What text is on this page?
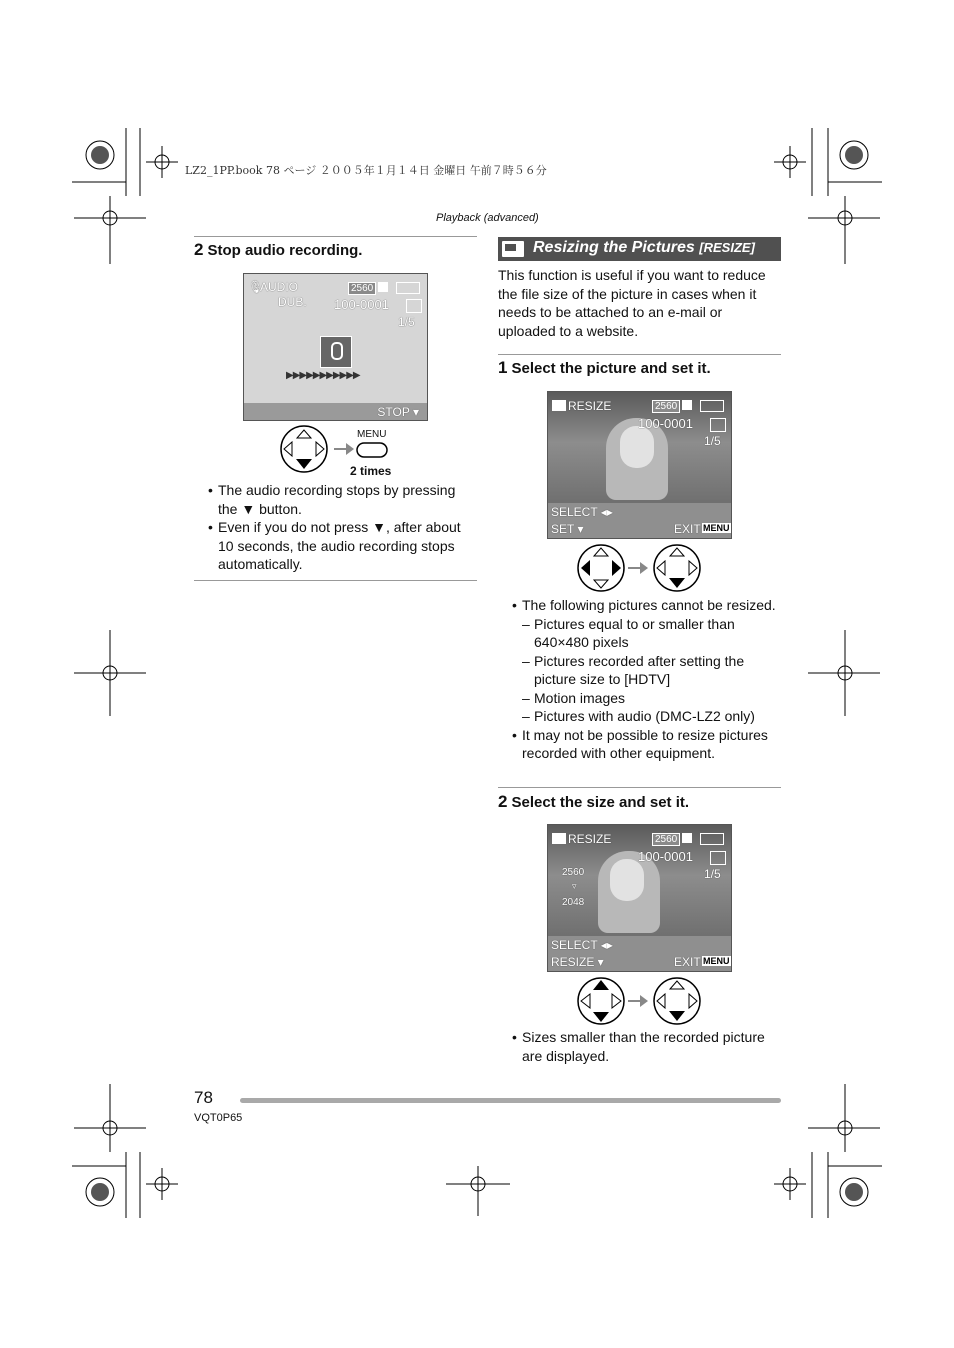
LZ2_1PP.book 78 ページ ２００５年１月１４日 金曜日 午前７時５６分
Playback (advanced)
2 Stop audio recording.
🎙
AUDIO
DUB.
2560
100-0001
1/5
▶▶▶▶▶▶▶▶▶▶▶
STOP ▾
MENU
2 times
• The audio recording stops by pressing the ▼ button.
• Even if you do not press ▼, after about 10 seconds, the audio recording stops automatically.
Resizing the Pictures [RESIZE]
This function is useful if you want to reduce the file size of the picture in cases when it needs to be attached to an e-mail or uploaded to a website.
1 Select the picture and set it.
RESIZE	2560
100-0001
1/5
SELECT ◂▸
SET ▾	EXIT MENU
• The following pictures cannot be resized.
– Pictures equal to or smaller than 640×480 pixels
– Pictures recorded after setting the picture size to [HDTV]
– Motion images
– Pictures with audio (DMC-LZ2 only)
• It may not be possible to resize pictures recorded with other equipment.
2 Select the size and set it.
RESIZE	2560
100-0001
1/5
2560
▿
2048
SELECT ◂▸
RESIZE ▾	EXIT MENU
• Sizes smaller than the recorded picture are displayed.
78
VQT0P65
